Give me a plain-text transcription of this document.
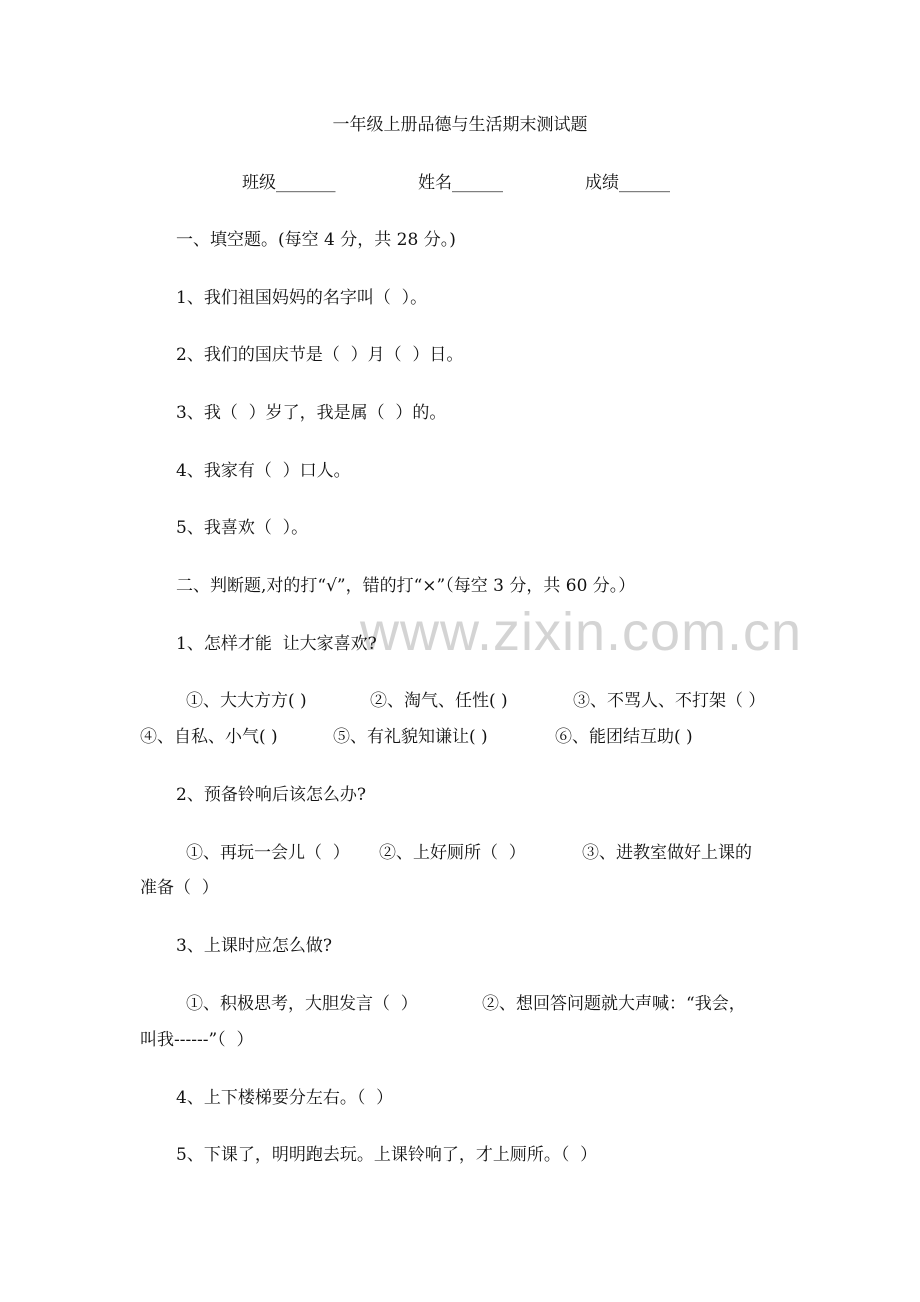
一年级上册品德与生活期末测试题
班级_______	姓名______	成绩______
一、填空题。(每空 4 分，共 28 分。)
1、我们祖国妈妈的名字叫（  ）。
2、我们的国庆节是（  ）月（  ）日。
3、我（  ）岁了，我是属（  ）的。
4、我家有（  ）口人。
5、我喜欢（  ）。
二、判断题,对的打“√”，错的打“×”（每空 3 分，共 60 分。）
www.zixin.com.cn
1、怎样才能  让大家喜欢?
①、大大方方( )	②、淘气、任性( )	③、不骂人、不打架（ ）
④、自私、小气( )	⑤、有礼貌知谦让( )	⑥、能团结互助( )
2、预备铃响后该怎么办?
①、再玩一会儿（  ） ②、上好厕所（  ）	③、进教室做好上课的
准备（  ）
3、上课时应怎么做?
①、积极思考，大胆发言（  ）	②、想回答问题就大声喊：“我会，
叫我------”（  ）
4、上下楼梯要分左右。（  ）
5、下课了，明明跑去玩。上课铃响了，才上厕所。（  ）
